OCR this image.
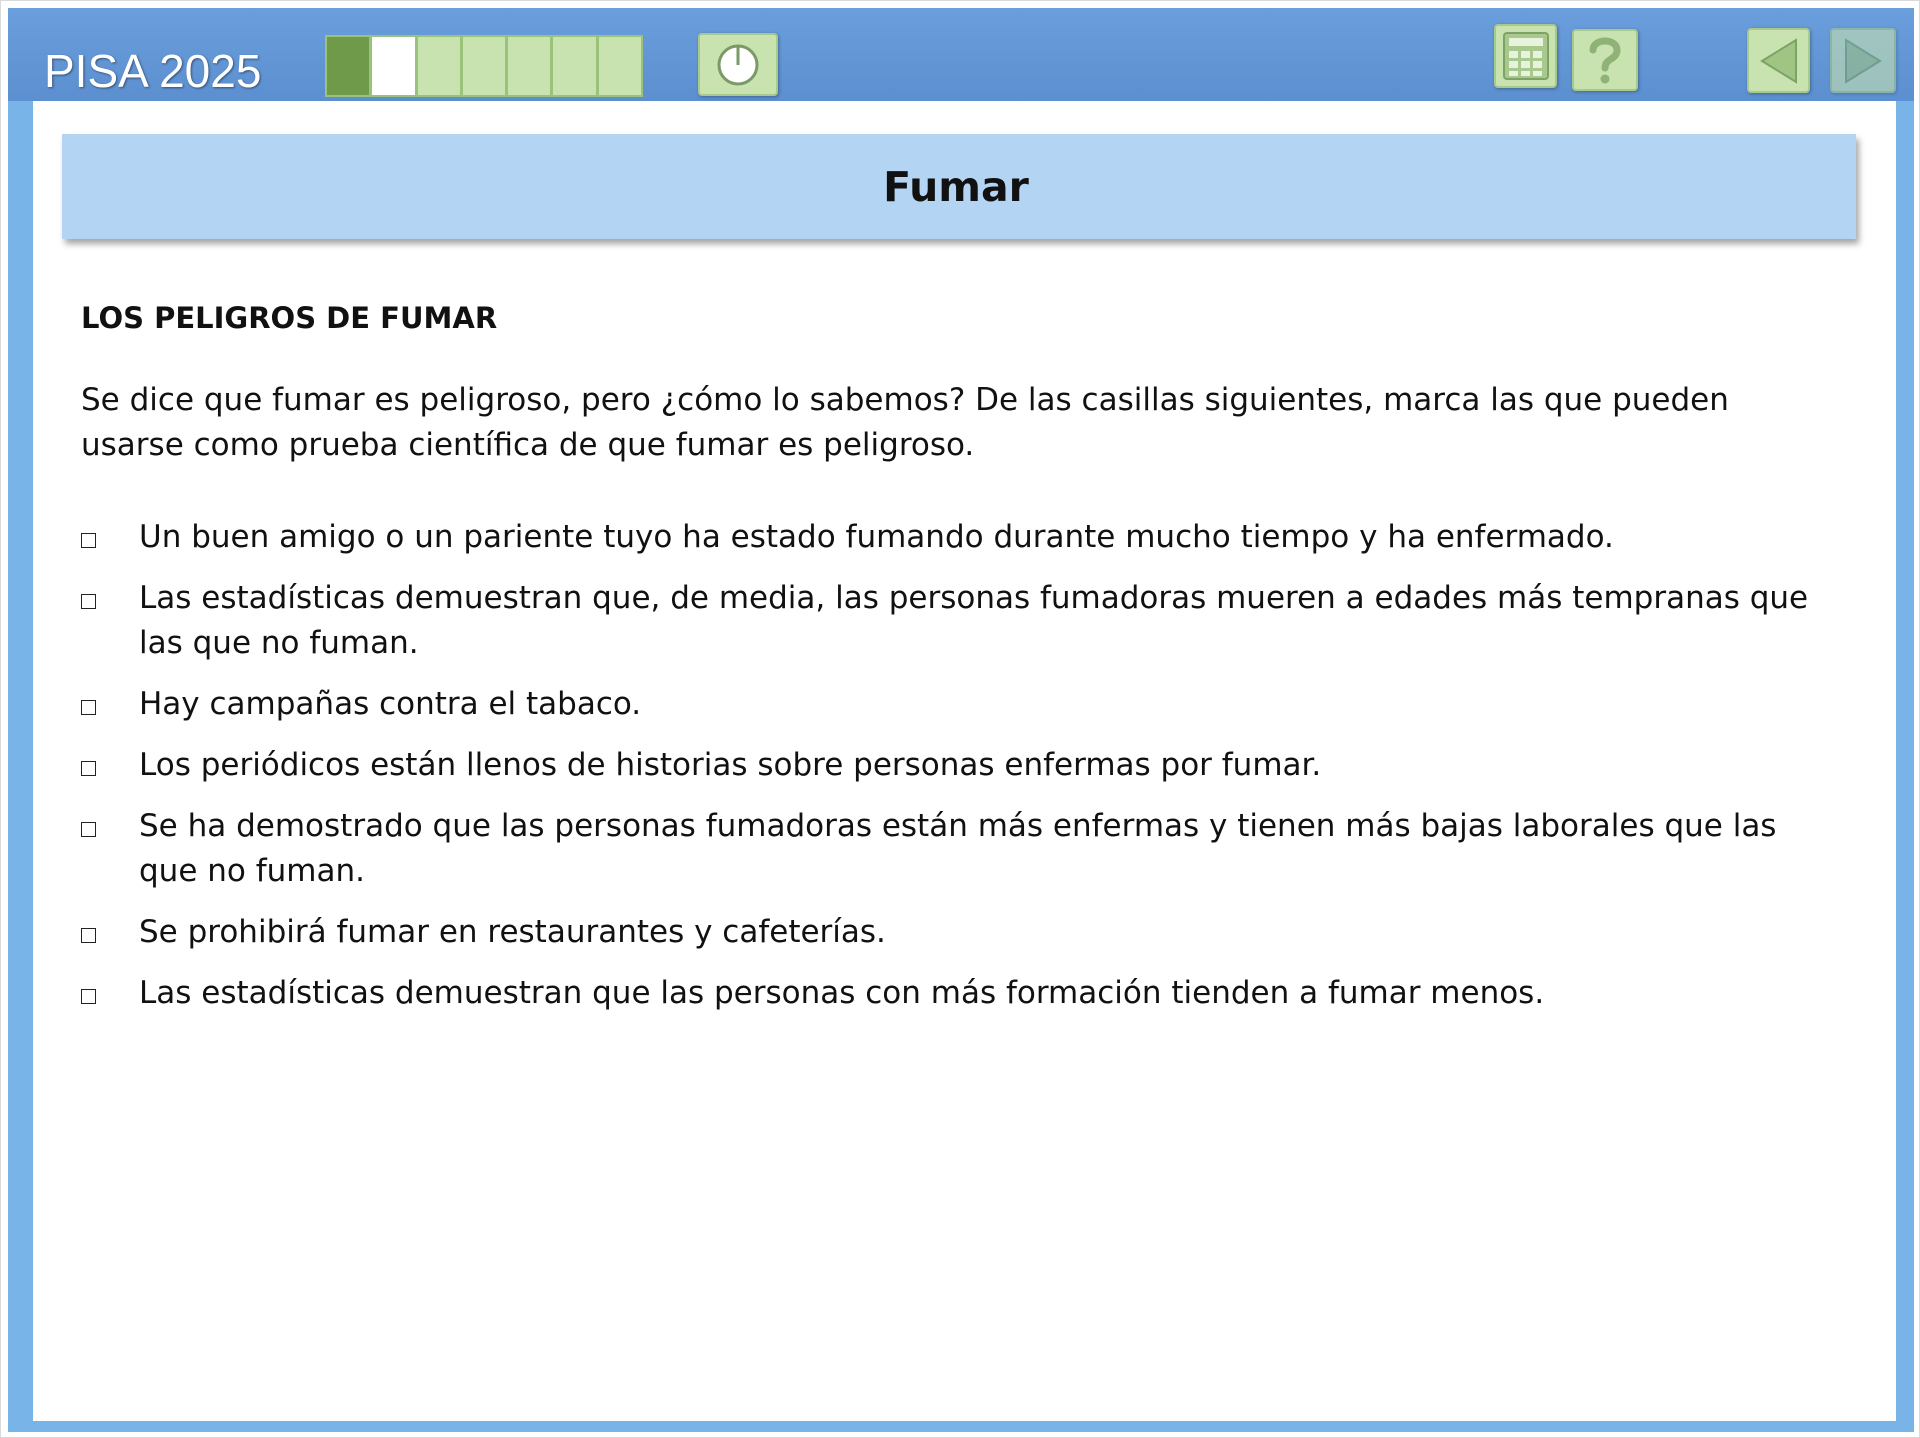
PISA 2025
Fumar
LOS PELIGROS DE FUMAR
Se dice que fumar es peligroso, pero ¿cómo lo sabemos? De las casillas siguientes, marca las que pueden usarse como prueba científica de que fumar es peligroso.
Un buen amigo o un pariente tuyo ha estado fumando durante mucho tiempo y ha enfermado.
Las estadísticas demuestran que, de media, las personas fumadoras mueren a edades más tempranas que las que no fuman.
Hay campañas contra el tabaco.
Los periódicos están llenos de historias sobre personas enfermas por fumar.
Se ha demostrado que las personas fumadoras están más enfermas y tienen más bajas laborales que las que no fuman.
Se prohibirá fumar en restaurantes y cafeterías.
Las estadísticas demuestran que las personas con más formación tienden a fumar menos.
